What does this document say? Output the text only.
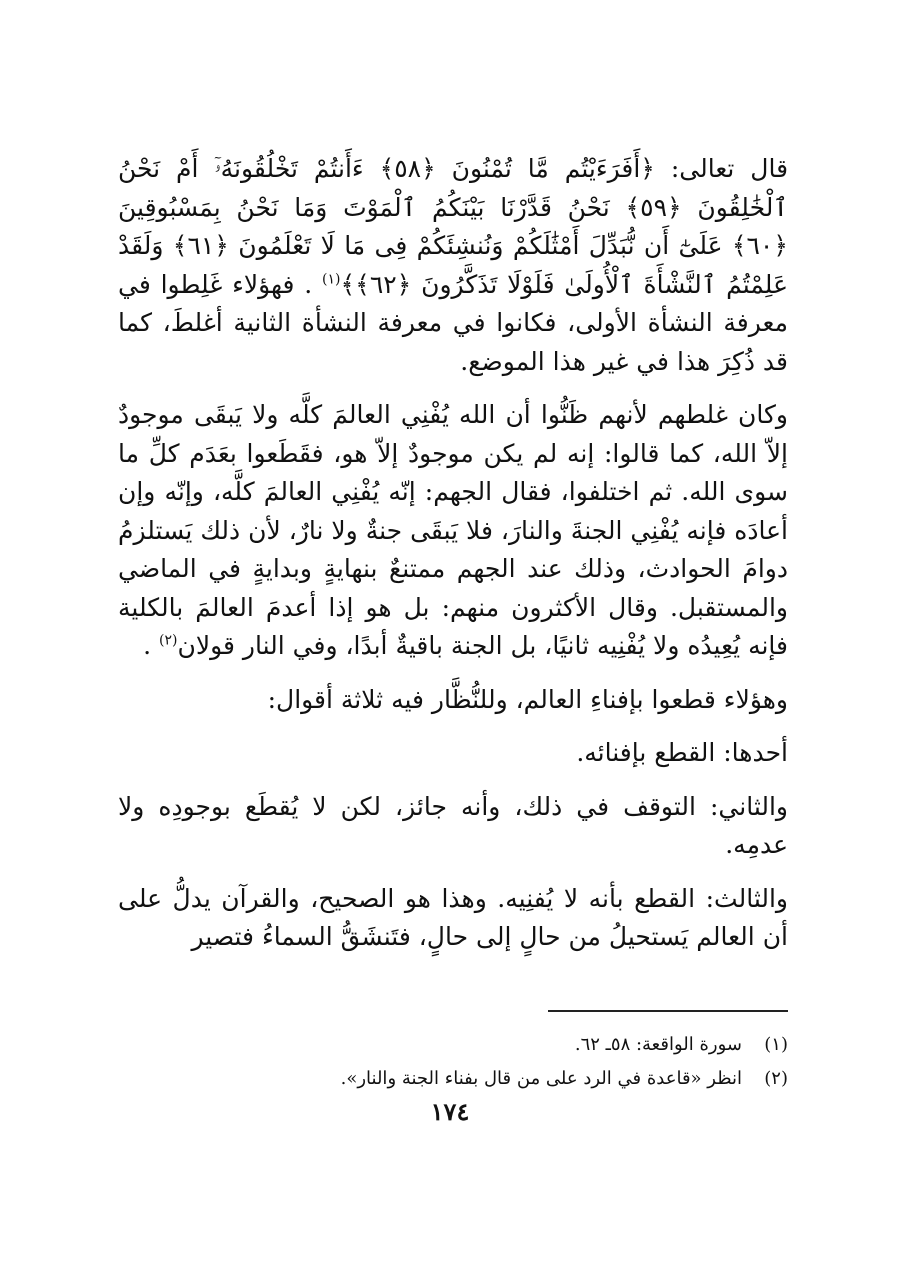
قال تعالى: ﴿أَفَرَءَيْتُم مَّا تُمْنُونَ ﴿٥٨﴾ ءَأَنتُمْ تَخْلُقُونَهُۥٓ أَمْ نَحْنُ ٱلْخَٰلِقُونَ ﴿٥٩﴾ نَحْنُ قَدَّرْنَا بَيْنَكُمُ ٱلْمَوْتَ وَمَا نَحْنُ بِمَسْبُوقِينَ ﴿٦٠﴾ عَلَىٰٓ أَن نُّبَدِّلَ أَمْثَٰلَكُمْ وَنُنشِئَكُمْ فِى مَا لَا تَعْلَمُونَ ﴿٦١﴾ وَلَقَدْ عَلِمْتُمُ ٱلنَّشْأَةَ ٱلْأُولَىٰ فَلَوْلَا تَذَكَّرُونَ ﴿٦٢﴾﴾$^{(١)}$ . فهؤلاء غَلِطوا في معرفة النشأة الأولى، فكانوا في معرفة النشأة الثانية أغلطَ، كما قد ذُكِرَ هذا في غير هذا الموضع.

وكان غلطهم لأنهم ظَنُّوا أن الله يُفْنِي العالمَ كلَّه ولا يَبقَى موجودٌ إلاّ الله، كما قالوا: إنه لم يكن موجودٌ إلاّ هو، فقَطَعوا بعَدَم كلِّ ما سوى الله. ثم اختلفوا، فقال الجهم: إنّه يُفْنِي العالمَ كلَّه، وإنّه وإن أعادَه فإنه يُفْنِي الجنةَ والنارَ، فلا يَبقَى جنةٌ ولا نارٌ، لأن ذلك يَستلزمُ دوامَ الحوادث، وذلك عند الجهم ممتنعٌ بنهايةٍ وبدايةٍ في الماضي والمستقبل. وقال الأكثرون منهم: بل هو إذا أعدمَ العالمَ بالكلية فإنه يُعِيدُه ولا يُفْنِيه ثانيًا، بل الجنة باقيةٌ أبدًا، وفي النار قولان$^{(٢)}$ .

وهؤلاء قطعوا بإفناءِ العالم، وللنُّظَّار فيه ثلاثة أقوال:

أحدها: القطع بإفنائه.

والثاني: التوقف في ذلك، وأنه جائز، لكن لا يُقطَع بوجودِه ولا عدمِه.

والثالث: القطع بأنه لا يُفنِيه. وهذا هو الصحيح، والقرآن يدلُّ على أن العالم يَستحيلُ من حالٍ إلى حالٍ، فتَنشَقُّ السماءُ فتصير

(١)سورة الواقعة: ٥٨ـ ٦٢.

(٢)انظر «قاعدة في الرد على من قال بفناء الجنة والنار».

١٧٤
